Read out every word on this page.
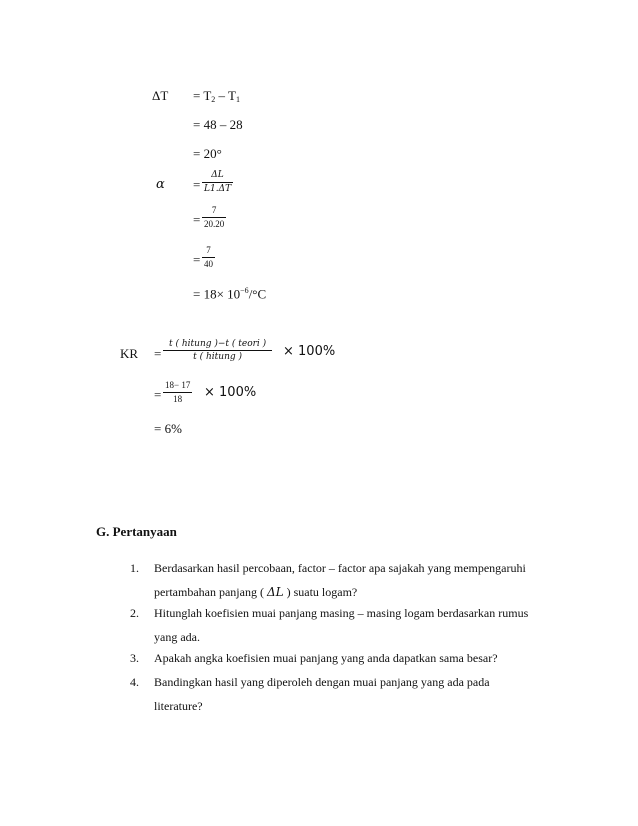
$\Delta T = T_2 - T_1$
= 48 – 28
= 20°
$\alpha = \frac{\Delta L}{L1.\Delta T}$
= $\frac{7}{20.20}$
= $\frac{7}{40}$
= $18\times 10^{-6}/^\circ C$
KR =
t ( hitung )−t ( teori )
t ( hitung )	× 100%
= $\frac{18- 17}{18} \times 100\%$
= 6%
G. Pertanyaan
1. Berdasarkan hasil percobaan, factor – factor apa sajakah yang mempengaruhi
pertambahan panjang ( ΔL ) suatu logam?
2. Hitunglah koefisien muai panjang masing – masing logam berdasarkan rumus
yang ada.
3. Apakah angka koefisien muai panjang yang anda dapatkan sama besar?
4. Bandingkan hasil yang diperoleh dengan muai panjang yang ada pada
literature?
